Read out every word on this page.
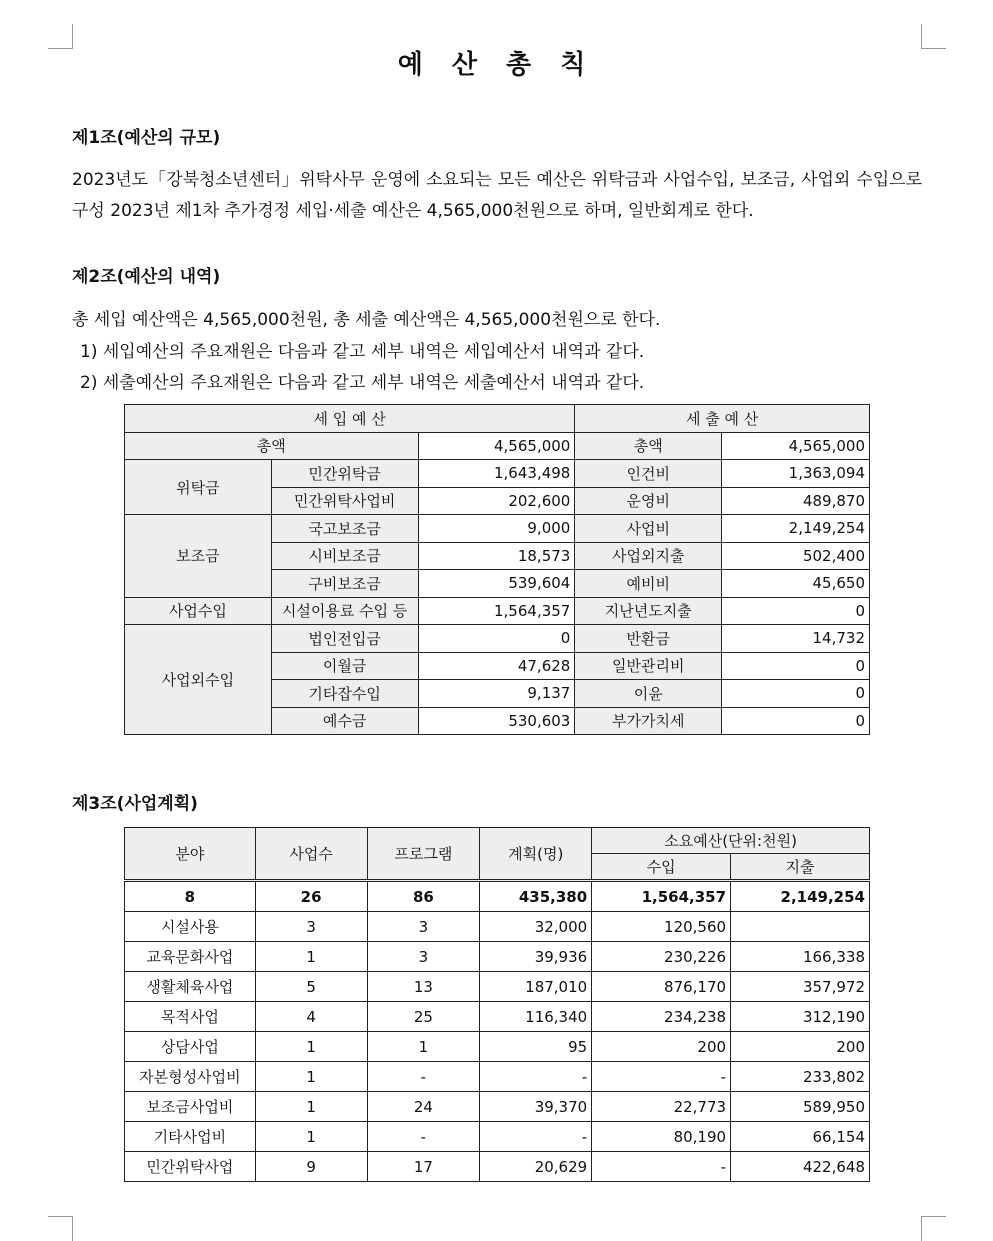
예 산 총 칙
제1조(예산의 규모)
2023년도「강북청소년센터」위탁사무 운영에 소요되는 모든 예산은 위탁금과 사업수입, 보조금, 사업외 수입으로 구성 2023년 제1차 추가경정 세입·세출 예산은 4,565,000천원으로 하며, 일반회계로 한다.
제2조(예산의 내역)
총 세입 예산액은 4,565,000천원, 총 세출 예산액은 4,565,000천원으로 한다.
1) 세입예산의 주요재원은 다음과 같고 세부 내역은 세입예산서 내역과 같다.
2) 세출예산의 주요재원은 다음과 같고 세부 내역은 세출예산서 내역과 같다.
세 입 예 산			세 출 예 산	
총액		4,565,000	총액	4,565,000
위탁금	민간위탁금	1,643,498	인건비	1,363,094
	민간위탁사업비	202,600	운영비	489,870
보조금	국고보조금	9,000	사업비	2,149,254
	시비보조금	18,573	사업외지출	502,400
	구비보조금	539,604	예비비	45,650
사업수입	시설이용료 수입 등	1,564,357	지난년도지출	0
사업외수입	법인전입금	0	반환금	14,732
	이월금	47,628	일반관리비	0
	기타잡수입	9,137	이윤	0
	예수금	530,603	부가가치세	0
제3조(사업계획)
분야	사업수	프로그램	계획(명)	소요예산(단위:천원)	
				수입	지출
8	26	86	435,380	1,564,357	2,149,254
시설사용	3	3	32,000	120,560	
교육문화사업	1	3	39,936	230,226	166,338
생활체육사업	5	13	187,010	876,170	357,972
목적사업	4	25	116,340	234,238	312,190
상담사업	1	1	95	200	200
자본형성사업비	1	-	-	-	233,802
보조금사업비	1	24	39,370	22,773	589,950
기타사업비	1	-	-	80,190	66,154
민간위탁사업	9	17	20,629	-	422,648
